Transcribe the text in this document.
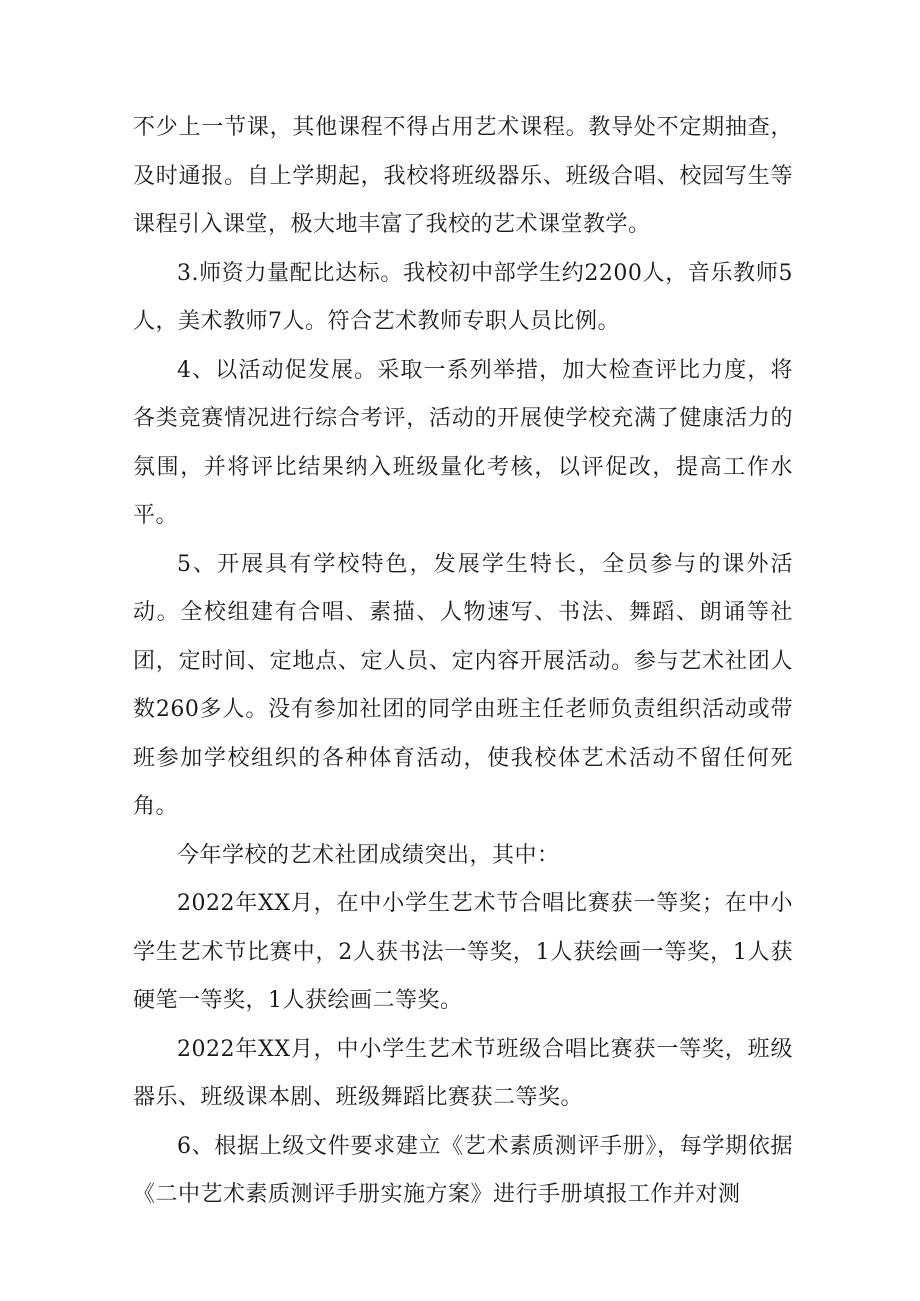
不少上一节课，其他课程不得占用艺术课程。教导处不定期抽查，及时通报。自上学期起，我校将班级器乐、班级合唱、校园写生等课程引入课堂，极大地丰富了我校的艺术课堂教学。

3.师资力量配比达标。我校初中部学生约2200人，音乐教师5人，美术教师7人。符合艺术教师专职人员比例。

4、以活动促发展。采取一系列举措，加大检查评比力度，将各类竞赛情况进行综合考评，活动的开展使学校充满了健康活力的氛围，并将评比结果纳入班级量化考核，以评促改，提高工作水平。

5、开展具有学校特色，发展学生特长，全员参与的课外活动。全校组建有合唱、素描、人物速写、书法、舞蹈、朗诵等社团，定时间、定地点、定人员、定内容开展活动。参与艺术社团人数260多人。没有参加社团的同学由班主任老师负责组织活动或带班参加学校组织的各种体育活动，使我校体艺术活动不留任何死角。

今年学校的艺术社团成绩突出，其中：

2022年XX月，在中小学生艺术节合唱比赛获一等奖；在中小学生艺术节比赛中，2人获书法一等奖，1人获绘画一等奖，1人获硬笔一等奖，1人获绘画二等奖。

2022年XX月，中小学生艺术节班级合唱比赛获一等奖，班级器乐、班级课本剧、班级舞蹈比赛获二等奖。

6、根据上级文件要求建立《艺术素质测评手册》，每学期依据《二中艺术素质测评手册实施方案》进行手册填报工作并对测
